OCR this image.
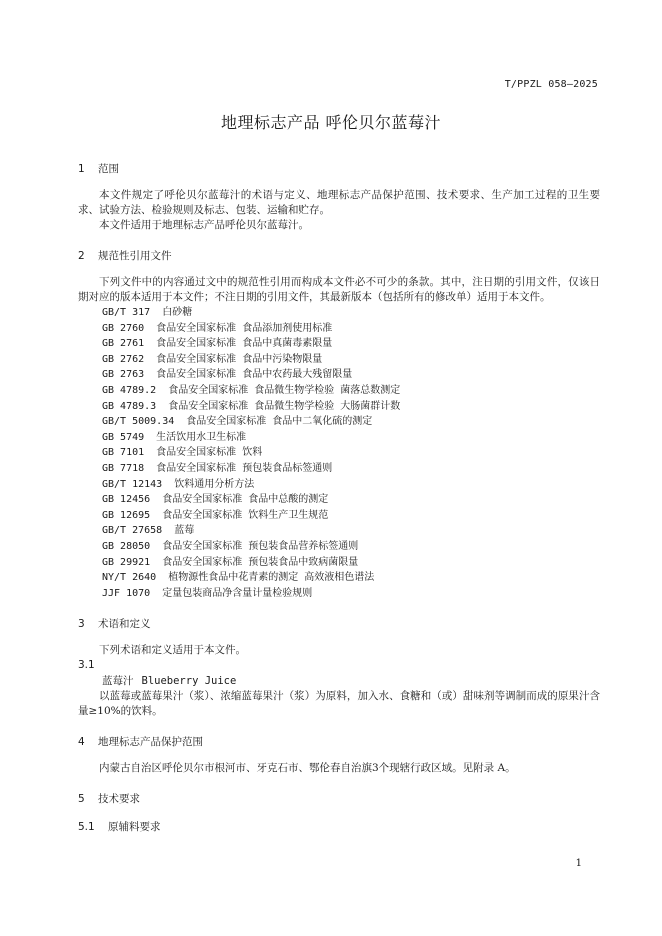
T/PPZL 058—2025
地理标志产品 呼伦贝尔蓝莓汁
1 范围

本文件规定了呼伦贝尔蓝莓汁的术语与定义、地理标志产品保护范围、技术要求、生产加工过程的卫生要求、试验方法、检验规则及标志、包装、运输和贮存。

本文件适用于地理标志产品呼伦贝尔蓝莓汁。

2 规范性引用文件

下列文件中的内容通过文中的规范性引用而构成本文件必不可少的条款。其中，注日期的引用文件，仅该日期对应的版本适用于本文件；不注日期的引用文件，其最新版本（包括所有的修改单）适用于本文件。

GB/T 317  白砂糖

GB 2760  食品安全国家标准 食品添加剂使用标准

GB 2761  食品安全国家标准 食品中真菌毒素限量

GB 2762  食品安全国家标准 食品中污染物限量

GB 2763  食品安全国家标准 食品中农药最大残留限量

GB 4789.2  食品安全国家标准 食品微生物学检验 菌落总数测定

GB 4789.3  食品安全国家标准 食品微生物学检验 大肠菌群计数

GB/T 5009.34  食品安全国家标准 食品中二氧化硫的测定

GB 5749  生活饮用水卫生标准

GB 7101  食品安全国家标准 饮料

GB 7718  食品安全国家标准 预包装食品标签通则

GB/T 12143  饮料通用分析方法

GB 12456  食品安全国家标准 食品中总酸的测定

GB 12695  食品安全国家标准 饮料生产卫生规范

GB/T 27658  蓝莓

GB 28050  食品安全国家标准 预包装食品营养标签通则

GB 29921  食品安全国家标准 预包装食品中致病菌限量

NY/T 2640  植物源性食品中花青素的测定 高效液相色谱法

JJF 1070  定量包装商品净含量计量检验规则

3 术语和定义

下列术语和定义适用于本文件。

3.1

蓝莓汁 Blueberry Juice

以蓝莓或蓝莓果汁（浆）、浓缩蓝莓果汁（浆）为原料，加入水、食糖和（或）甜味剂等调制而成的原果汁含量≥10%的饮料。

4 地理标志产品保护范围

内蒙古自治区呼伦贝尔市根河市、牙克石市、鄂伦春自治旗3个现辖行政区域。见附录 A。

5 技术要求
5.1 原辅料要求
1
